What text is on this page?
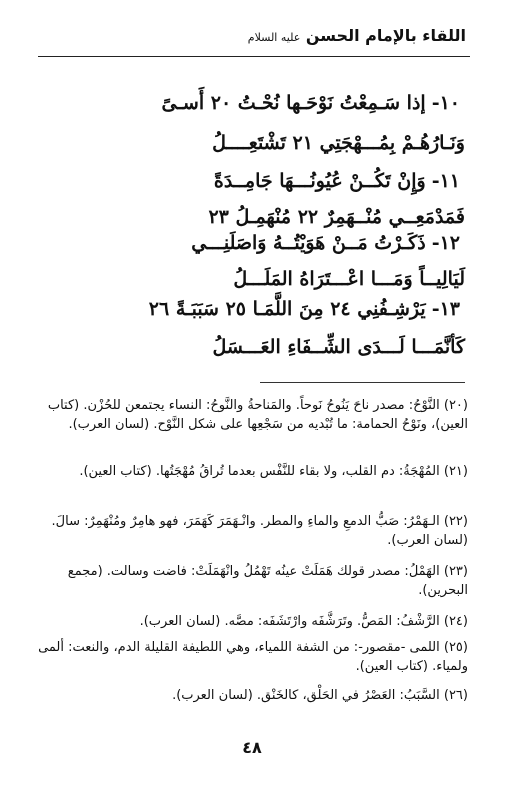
اللقاء بالإمام الحسن عليه السلام
١٠-إذا سَـمِعْتُ نَوْحَـها نُحْـتُ ٢٠ أَسـىً
وَنَـارُهُـمْ بِمُـــهْجَتِي ٢١ تَشْتَعِــــلُ
١١-وَإِنْ تَكُــنْ عُيُونُـــهَا جَامِــدَةً
فَمَدْمَعِــي مُنْــهَمِرٌ ٢٢ مُنْهَمِـلُ ٢٣
١٢-ذَكَـرْتُ مَــنْ هَوَيْتُــهُ وَاصَلَنِـــي
لَيَالِيــاً وَمَـــا اعْـــتَرَاهُ المَلَـــلُ
١٣-يَرْشِـفُنِي ٢٤ مِنَ اللَّمَـا ٢٥ سَبَبَـةً ٢٦
كَأنَّمَـــا لَـــدَى الشِّــفَاءِ العَـــسَلُ
(٢٠) النَّوْحُ: مصدر ناحَ يَنُوحُ نَوحاً. والمَناحةُ والنَّوحُ: النساء يجتمعن للحُزْن. (كتاب العين)، ونَوْحُ الحمامة: ما تُبْديه من سَجْعِها على شكل النَّوْح. (لسان العرب).
(٢١) المُهْجَةُ: دم القلب، ولا بقاء للنَّفْس بعدما تُراقُ مُهْجَتُها. (كتاب العين).
(٢٢) الـهَمْرُ: صَبُّ الدمعِ والماءِ والمطر. وانْـهَمَرَ كَهَمَرَ، فهو هامِرٌ ومُنْهَمِرٌ: سالَ. (لسان العرب).
(٢٣) الهَمْلُ: مصدر قولك هَمَلَتْ عينُه تَهْمُلُ وانْهَمَلَتْ: فاضت وسالت. (مجمع البحرين).
(٢٤) الرَّشْفُ: المَصُّ. وتَرَشَّفَه وارْتَشَفَه: مصَّه. (لسان العرب).
(٢٥) اللمى -مقصور-: من الشفة اللمياء، وهي اللطيفة القليلة الدم، والنعت: ألمى ولمياء. (كتاب العين).
(٢٦) السَّبَبُ: العَصْرُ في الحَلْق، كالخَنْق. (لسان العرب).
٤٨
